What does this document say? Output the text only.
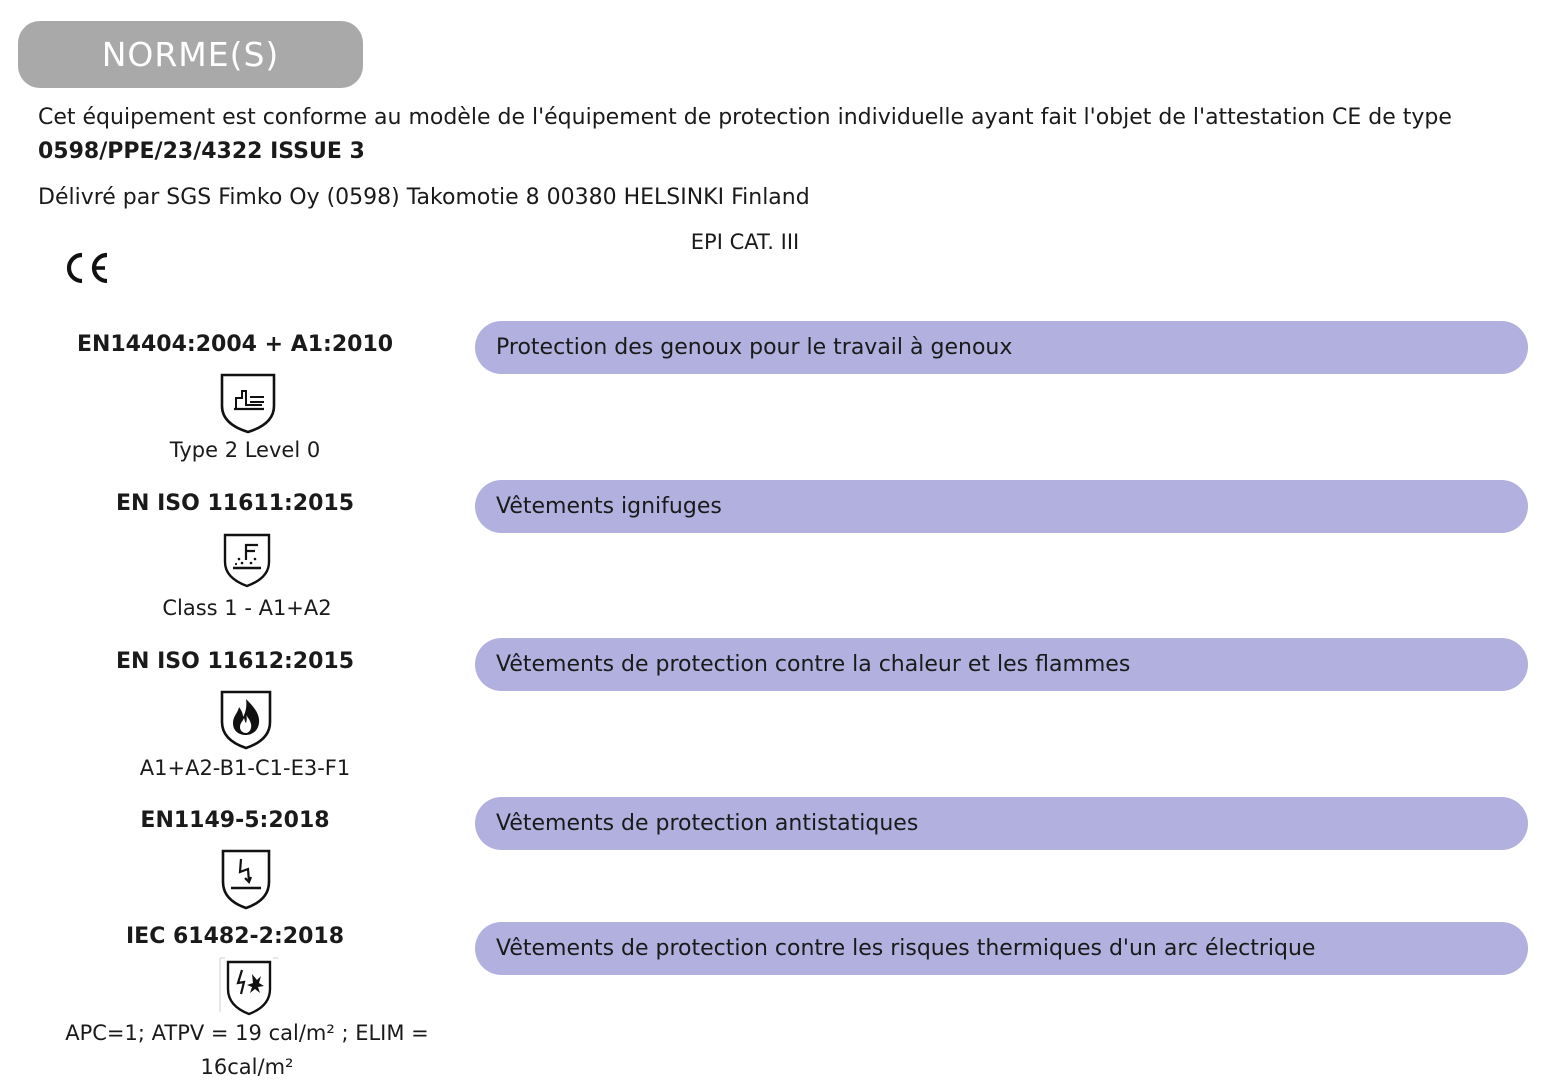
NORME(S)
Cet équipement est conforme au modèle de l'équipement de protection individuelle ayant fait l'objet de l'attestation CE de type 0598/PPE/23/4322 ISSUE 3
Délivré par SGS Fimko Oy (0598) Takomotie 8 00380 HELSINKI Finland
EPI CAT. III
EN14404:2004 + A1:2010
Type 2 Level 0
Protection des genoux pour le travail à genoux
EN ISO 11611:2015
Class 1 - A1+A2
Vêtements ignifuges
EN ISO 11612:2015
A1+A2-B1-C1-E3-F1
Vêtements de protection contre la chaleur et les flammes
EN1149-5:2018	Vêtements de protection antistatiques
IEC 61482-2:2018
APC=1; ATPV = 19 cal/m² ; ELIM = 16cal/m²
Vêtements de protection contre les risques thermiques d'un arc électrique
